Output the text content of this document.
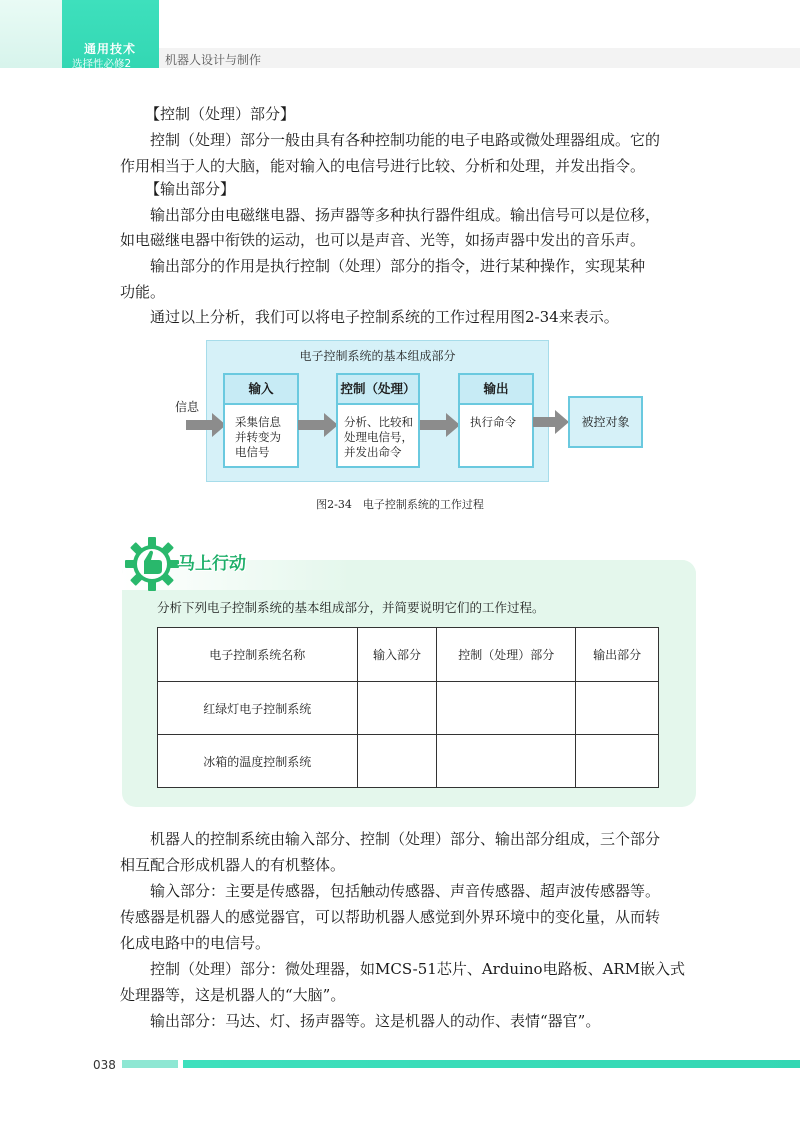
通用技术
选择性必修2	机器人设计与制作

【控制（处理）部分】

控制（处理）部分一般由具有各种控制功能的电子电路或微处理器组成。它的

作用相当于人的大脑，能对输入的电信号进行比较、分析和处理，并发出指令。

【输出部分】

输出部分由电磁继电器、扬声器等多种执行器件组成。输出信号可以是位移，

如电磁继电器中衔铁的运动，也可以是声音、光等，如扬声器中发出的音乐声。

输出部分的作用是执行控制（处理）部分的指令，进行某种操作，实现某种

功能。

通过以上分析，我们可以将电子控制系统的工作过程用图2-34来表示。

电子控制系统的基本组成部分
信息
输入
采集信息
并转变为
电信号
控制（处理）
分析、比较和
处理电信号，
并发出命令
输出
执行命令	被控对象
图2-34　电子控制系统的工作过程
马上行动
分析下列电子控制系统的基本组成部分，并简要说明它们的工作过程。
电子控制系统名称	输入部分	控制（处理）部分	输出部分
红绿灯电子控制系统			
冰箱的温度控制系统			

机器人的控制系统由输入部分、控制（处理）部分、输出部分组成，三个部分

相互配合形成机器人的有机整体。

输入部分：主要是传感器，包括触动传感器、声音传感器、超声波传感器等。

传感器是机器人的感觉器官，可以帮助机器人感觉到外界环境中的变化量，从而转

化成电路中的电信号。

控制（处理）部分：微处理器，如MCS-51芯片、Arduino电路板、ARM嵌入式

处理器等，这是机器人的“大脑”。

输出部分：马达、灯、扬声器等。这是机器人的动作、表情“器官”。

038
